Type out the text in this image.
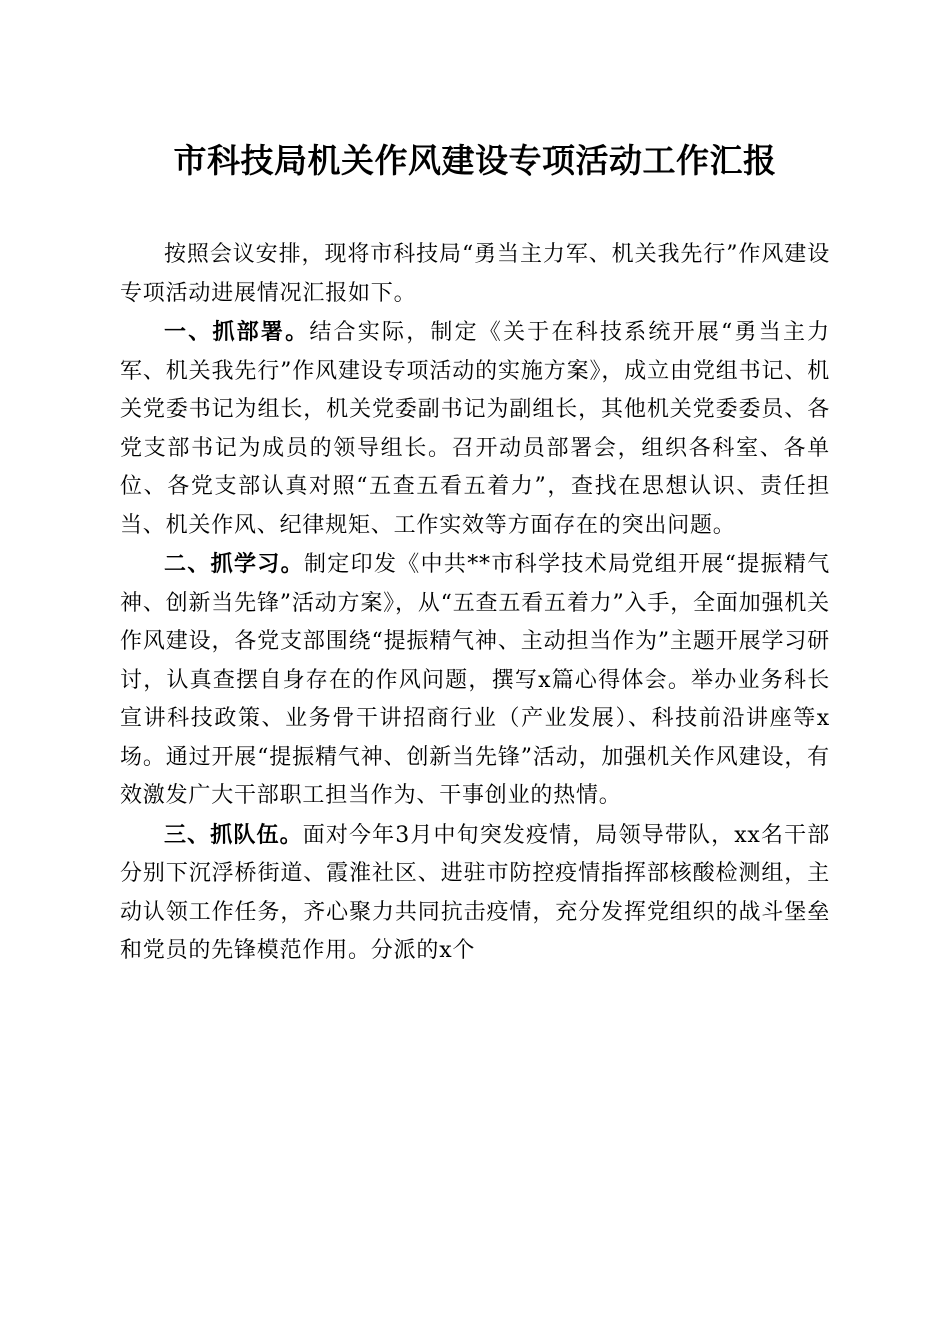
市科技局机关作风建设专项活动工作汇报

按照会议安排，现将市科技局“勇当主力军、机关我先行”作风建设专项活动进展情况汇报如下。

一、抓部署。结合实际，制定《关于在科技系统开展“勇当主力军、机关我先行”作风建设专项活动的实施方案》，成立由党组书记、机关党委书记为组长，机关党委副书记为副组长，其他机关党委委员、各党支部书记为成员的领导组长。召开动员部署会，组织各科室、各单位、各党支部认真对照“五查五看五着力”，查找在思想认识、责任担当、机关作风、纪律规矩、工作实效等方面存在的突出问题。

二、抓学习。制定印发《中共**市科学技术局党组开展“提振精气神、创新当先锋”活动方案》，从“五查五看五着力”入手，全面加强机关作风建设，各党支部围绕“提振精气神、主动担当作为”主题开展学习研讨，认真查摆自身存在的作风问题，撰写x篇心得体会。举办业务科长宣讲科技政策、业务骨干讲招商行业（产业发展）、科技前沿讲座等x场。通过开展“提振精气神、创新当先锋”活动，加强机关作风建设，有效激发广大干部职工担当作为、干事创业的热情。

三、抓队伍。面对今年3月中旬突发疫情，局领导带队，xx名干部分别下沉浮桥街道、霞淮社区、进驻市防控疫情指挥部核酸检测组，主动认领工作任务，齐心聚力共同抗击疫情，充分发挥党组织的战斗堡垒和党员的先锋模范作用。分派的x个
